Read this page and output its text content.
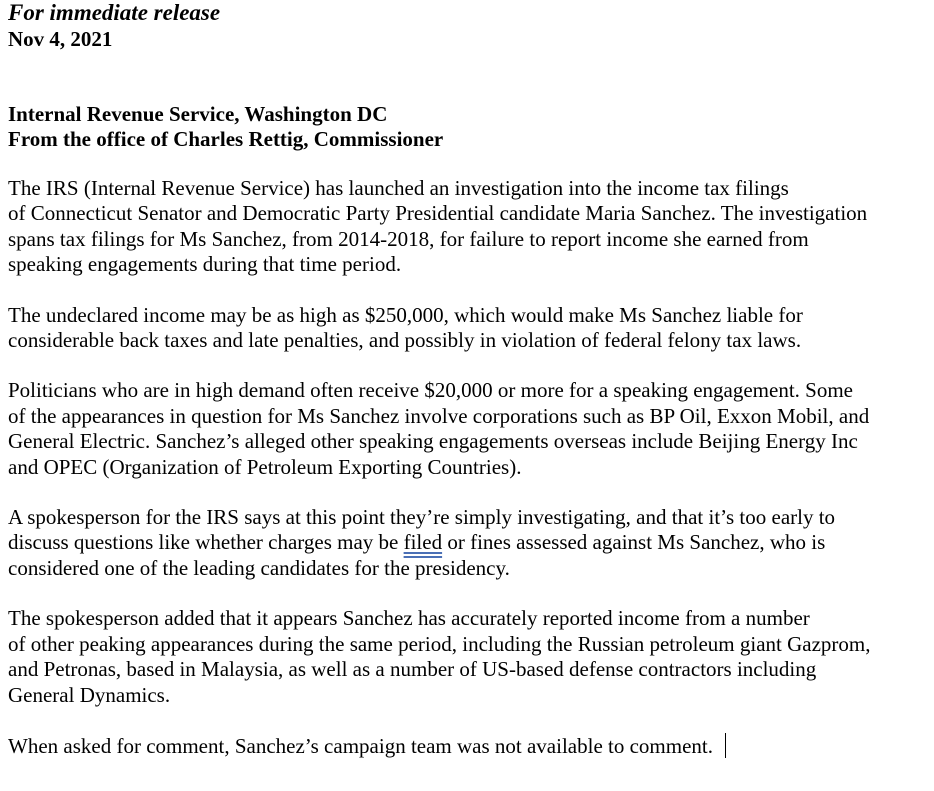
For immediate release

Nov 4, 2021

Internal Revenue Service, Washington DC

From the office of Charles Rettig, Commissioner

The IRS (Internal Revenue Service) has launched an investigation into the income tax filings
of Connecticut Senator and Democratic Party Presidential candidate Maria Sanchez. The investigation
spans tax filings for Ms Sanchez, from 2014-2018, for failure to report income she earned from
speaking engagements during that time period.

The undeclared income may be as high as $250,000, which would make Ms Sanchez liable for
considerable back taxes and late penalties, and possibly in violation of federal felony tax laws.

Politicians who are in high demand often receive $20,000 or more for a speaking engagement. Some
of the appearances in question for Ms Sanchez involve corporations such as BP Oil, Exxon Mobil, and
General Electric. Sanchez’s alleged other speaking engagements overseas include Beijing Energy Inc
and OPEC (Organization of Petroleum Exporting Countries).

A spokesperson for the IRS says at this point they’re simply investigating, and that it’s too early to
discuss questions like whether charges may be filed or fines assessed against Ms Sanchez, who is
considered one of the leading candidates for the presidency.

The spokesperson added that it appears Sanchez has accurately reported income from a number
of other peaking appearances during the same period, including the Russian petroleum giant Gazprom,
and Petronas, based in Malaysia, as well as a number of US-based defense contractors including
General Dynamics.

When asked for comment, Sanchez’s campaign team was not available to comment.
